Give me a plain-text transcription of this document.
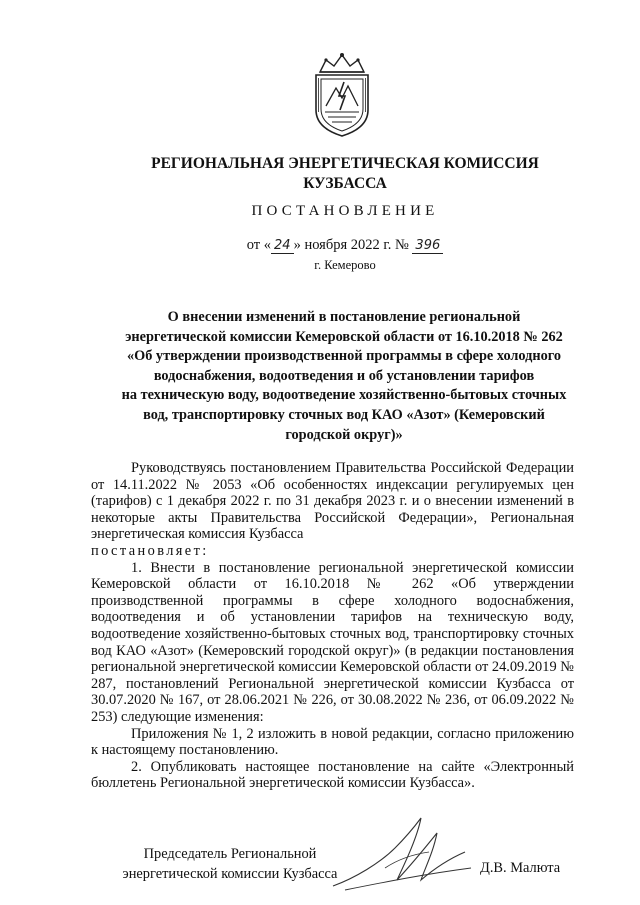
РЕГИОНАЛЬНАЯ ЭНЕРГЕТИЧЕСКАЯ КОМИССИЯ
КУЗБАССА
ПОСТАНОВЛЕНИЕ
от « 24 » ноября 2022 г. № 396
г. Кемерово
О внесении изменений в постановление региональной
энергетической комиссии Кемеровской области от 16.10.2018 № 262
«Об утверждении производственной программы в сфере холодного
водоснабжения, водоотведения и об установлении тарифов
на техническую воду, водоотведение хозяйственно-бытовых сточных
вод, транспортировку сточных вод КАО «Азот» (Кемеровский
городской округ)»

Руководствуясь постановлением Правительства Российской Федерации от 14.11.2022 № 2053 «Об особенностях индексации регулируемых цен (тарифов) с 1 декабря 2022 г. по 31 декабря 2023 г. и о внесении изменений в некоторые акты Правительства Российской Федерации», Региональная энергетическая комиссия Кузбасса

постановляет:

1. Внести в постановление региональной энергетической комиссии Кемеровской области от 16.10.2018 № 262 «Об утверждении производственной программы в сфере холодного водоснабжения, водоотведения и об установлении тарифов на техническую воду, водоотведение хозяйственно-бытовых сточных вод, транспортировку сточных вод КАО «Азот» (Кемеровский городской округ)» (в редакции постановления региональной энергетической комиссии Кемеровской области от 24.09.2019 № 287, постановлений Региональной энергетической комиссии Кузбасса от 30.07.2020 № 167, от 28.06.2021 № 226, от 30.08.2022 № 236, от 06.09.2022 № 253) следующие изменения:

Приложения № 1, 2 изложить в новой редакции, согласно приложению к настоящему постановлению.

2. Опубликовать настоящее постановление на сайте «Электронный бюллетень Региональной энергетической комиссии Кузбасса».

Председатель Региональной
энергетической комиссии Кузбасса	Д.В. Малюта
